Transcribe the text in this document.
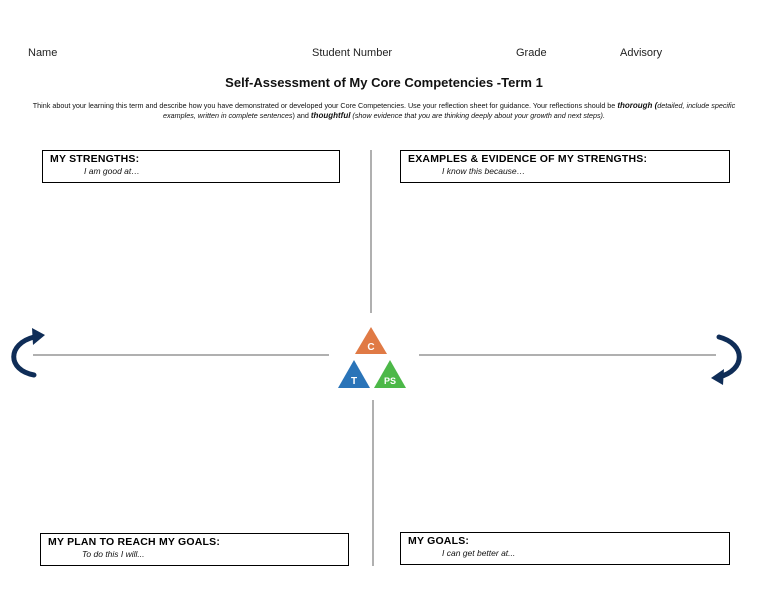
Name	Student Number	Grade	Advisory
Self-Assessment of My Core Competencies -Term 1
Think about your learning this term and describe how you have demonstrated or developed your Core Competencies. Use your reflection sheet for guidance. Your reflections should be thorough (detailed, include specific examples, written in complete sentences) and thoughtful (show evidence that you are thinking deeply about your growth and next steps).
MY STRENGTHS:
I am good at…
EXAMPLES & EVIDENCE OF MY STRENGTHS:
I know this because…
MY PLAN TO REACH MY GOALS:
To do this I will...
MY GOALS:
I can get better at...
C
T	PS
